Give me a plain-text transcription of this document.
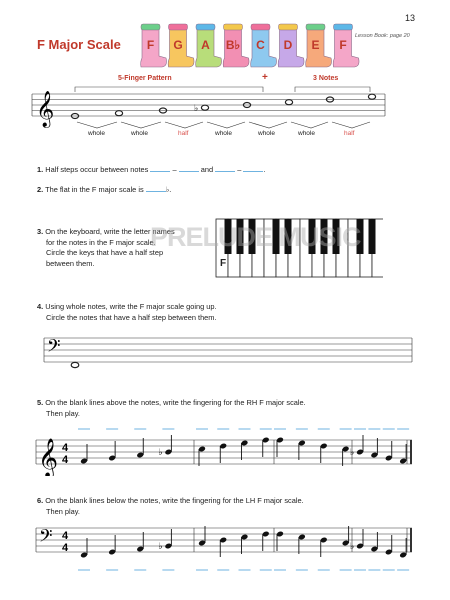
13
F Major Scale
Lesson Book: page 20
F G A B♭ C D E F
5-Finger Pattern	+	3 Notes
𝄞	♭
whole	whole	half	whole	whole	whole	half
1. Half steps occur between notes	–	and	–	.
2. The flat in the F major scale is	♭.
3. On the keyboard, write the letter names
for the notes in the F major scale.
Circle the keys that have a half step
between them.	F
PRELUDE MUSIC
4. Using whole notes, write the F major scale going up.
Circle the notes that have a half step between them.
𝄢
5. On the blank lines above the notes, write the fingering for the RH F major scale.
Then play.
𝄞 4
4
♭	♭
6. On the blank lines below the notes, write the fingering for the LH F major scale.
Then play.
𝄢 4
4	♭	♭
